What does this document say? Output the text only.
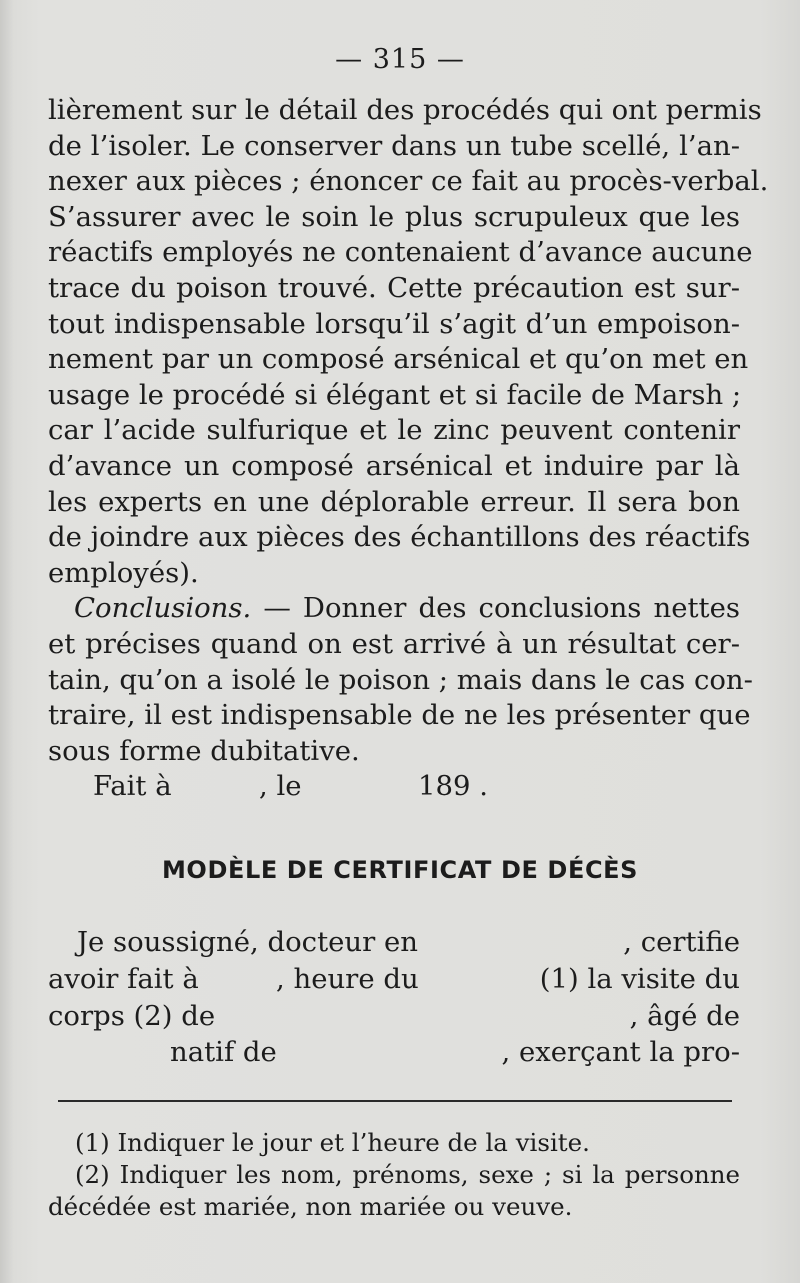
— 315 —
lièrement sur le détail des procédés qui ont permis
de l’isoler. Le conserver dans un tube scellé, l’an-
nexer aux pièces ; énoncer ce fait au procès-verbal.
S’assurer avec le soin le plus scrupuleux que les
réactifs employés ne contenaient d’avance aucune
trace du poison trouvé. Cette précaution est sur-
tout indispensable lorsqu’il s’agit d’un empoison-
nement par un composé arsénical et qu’on met en
usage le procédé si élégant et si facile de Marsh ;
car l’acide sulfurique et le zinc peuvent contenir
d’avance un composé arsénical et induire par là
les experts en une déplorable erreur. Il sera bon
de joindre aux pièces des échantillons des réactifs
employés).
Conclusions. — Donner des conclusions nettes
et précises quand on est arrivé à un résultat cer-
tain, qu’on a isolé le poison ; mais dans le cas con-
traire, il est indispensable de ne les présenter que
sous forme dubitative.
Fait à	, le	189 .
MODÈLE DE CERTIFICAT DE DÉCÈS
Je soussigné, docteur en	, certifie
avoir fait à	, heure du	(1) la visite du
corps (2) de	, âgé de
natif de	, exerçant la pro-
(1) Indiquer le jour et l’heure de la visite.
(2) Indiquer les nom, prénoms, sexe ; si la personne
décédée est mariée, non mariée ou veuve.
